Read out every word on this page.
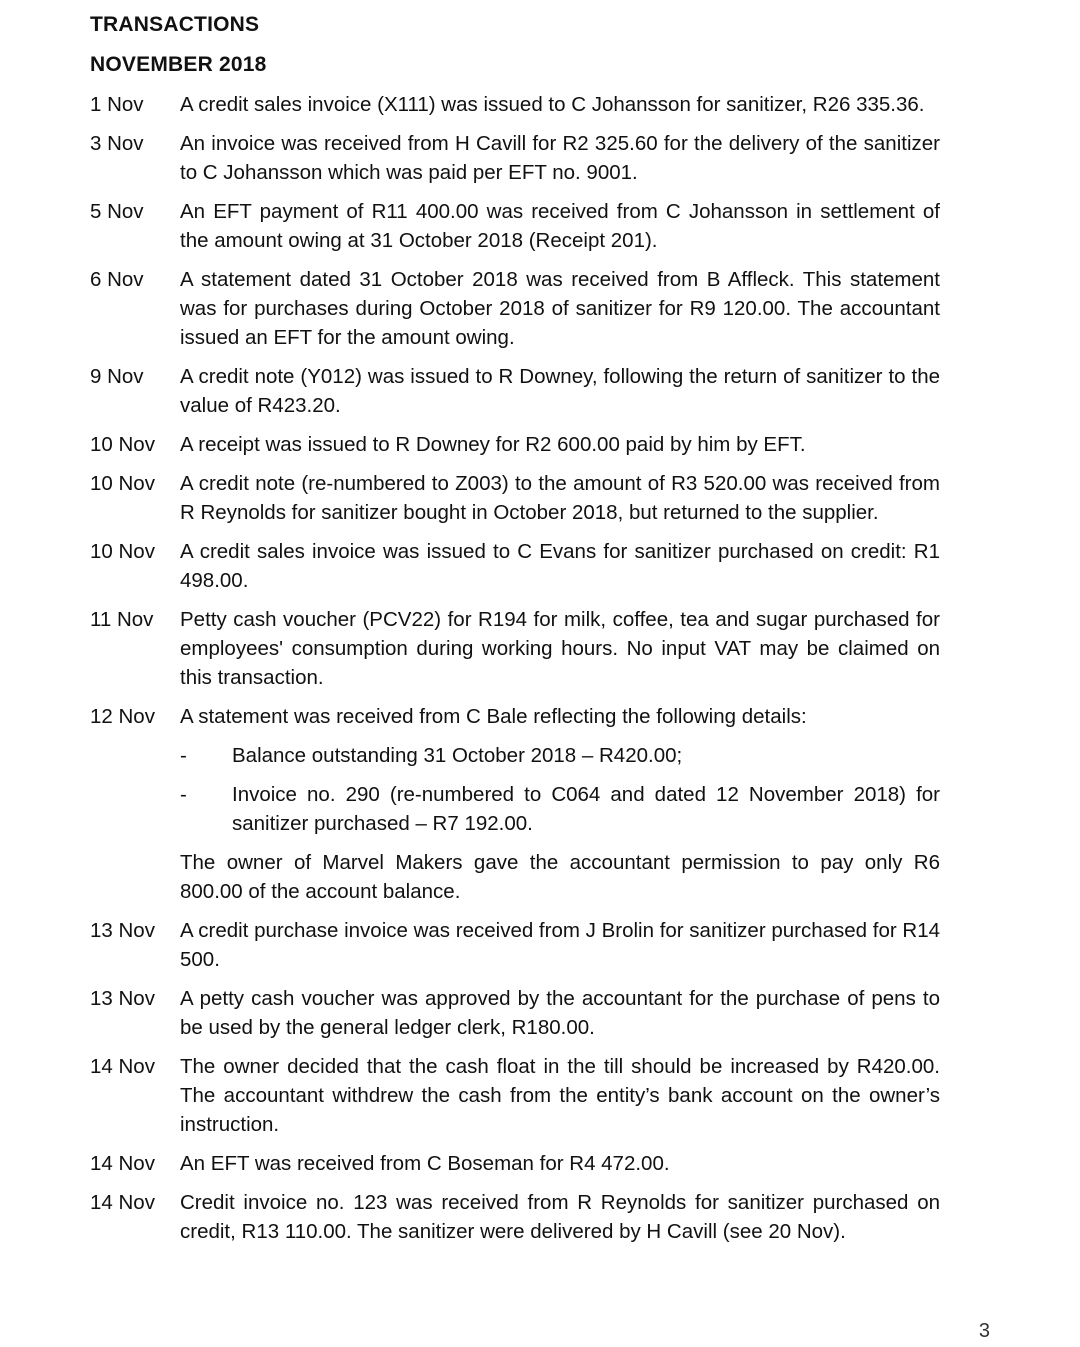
TRANSACTIONS
NOVEMBER 2018
1 Nov	A credit sales invoice (X111) was issued to C Johansson for sanitizer, R26 335.36.
3 Nov	An invoice was received from H Cavill for R2 325.60 for the delivery of the sanitizer to C Johansson which was paid per EFT no. 9001.
5 Nov	An EFT payment of R11 400.00 was received from C Johansson in settlement of the amount owing at 31 October 2018 (Receipt 201).
6 Nov	A statement dated 31 October 2018 was received from B Affleck. This statement was for purchases during October 2018 of sanitizer for R9 120.00. The accountant issued an EFT for the amount owing.
9 Nov	A credit note (Y012) was issued to R Downey, following the return of sanitizer to the value of R423.20.
10 Nov	A receipt was issued to R Downey for R2 600.00 paid by him by EFT.
10 Nov	A credit note (re-numbered to Z003) to the amount of R3 520.00 was received from R Reynolds for sanitizer bought in October 2018, but returned to the supplier.
10 Nov	A credit sales invoice was issued to C Evans for sanitizer purchased on credit: R1 498.00.
11 Nov	Petty cash voucher (PCV22) for R194 for milk, coffee, tea and sugar purchased for employees' consumption during working hours. No input VAT may be claimed on this transaction.
12 Nov	A statement was received from C Bale reflecting the following details:

-	Balance outstanding 31 October 2018 – R420.00;
-	Invoice no. 290 (re-numbered to C064 and dated 12 November 2018) for sanitizer purchased – R7 192.00.

The owner of Marvel Makers gave the accountant permission to pay only R6 800.00 of the account balance.

13 Nov	A credit purchase invoice was received from J Brolin for sanitizer purchased for R14 500.
13 Nov	A petty cash voucher was approved by the accountant for the purchase of pens to be used by the general ledger clerk, R180.00.
14 Nov	The owner decided that the cash float in the till should be increased by R420.00. The accountant withdrew the cash from the entity’s bank account on the owner’s instruction.
14 Nov	An EFT was received from C Boseman for R4 472.00.
14 Nov	Credit invoice no. 123 was received from R Reynolds for sanitizer purchased on credit, R13 110.00. The sanitizer were delivered by H Cavill (see 20 Nov).
3
